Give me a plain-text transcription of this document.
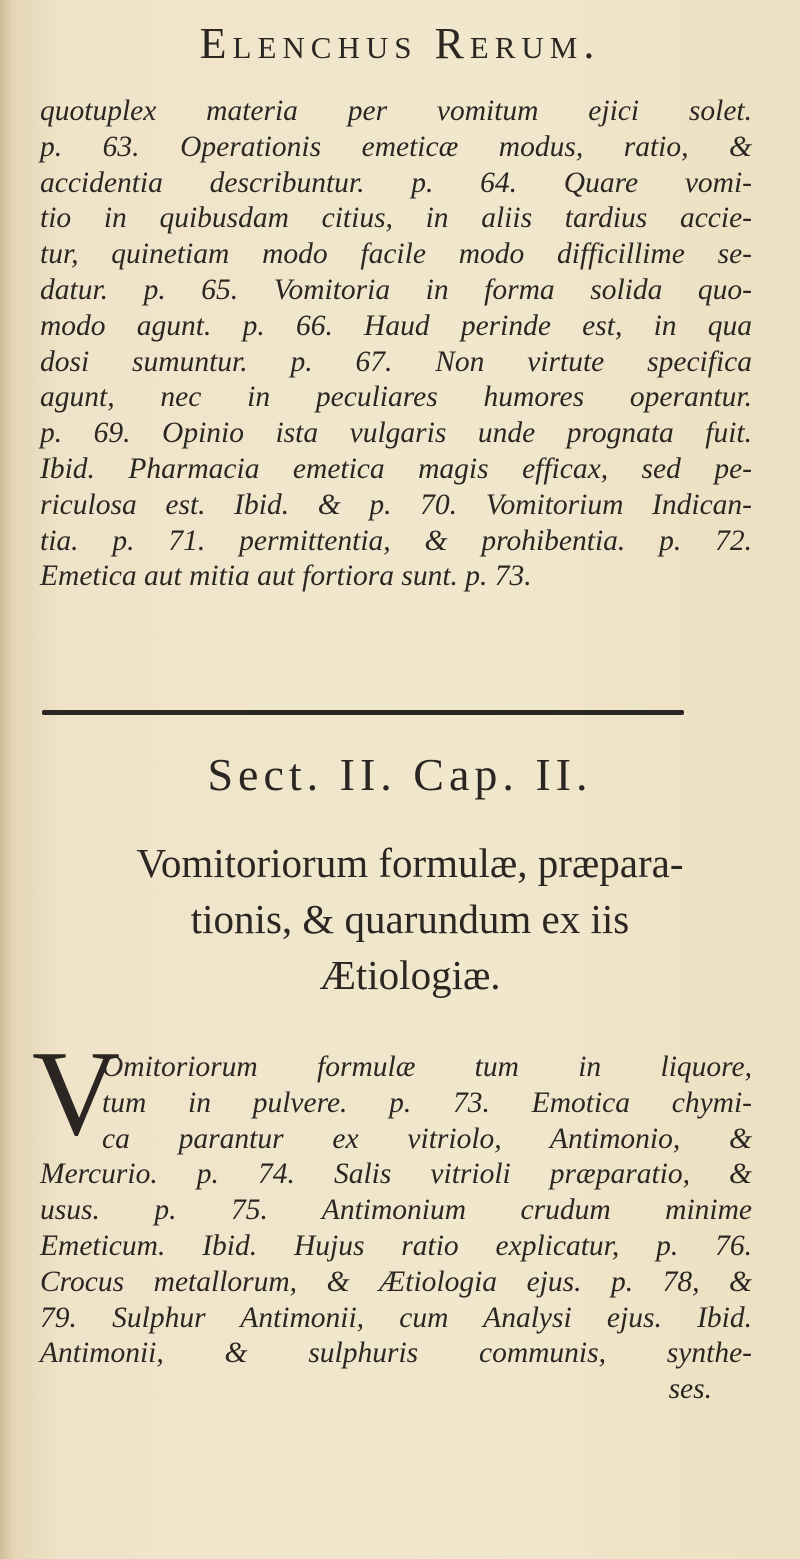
Elenchus Rerum.
quotuplex materia per vomitum ejici solet.
p. 63. Operationis emeticæ modus, ratio, &
accidentia describuntur. p. 64. Quare vomi-
tio in quibusdam citius, in aliis tardius accie-
tur, quinetiam modo facile modo difficillime se-
datur. p. 65. Vomitoria in forma solida quo-
modo agunt. p. 66. Haud perinde est, in qua
dosi sumuntur. p. 67. Non virtute specifica
agunt, nec in peculiares humores operantur.
p. 69. Opinio ista vulgaris unde prognata fuit.
Ibid. Pharmacia emetica magis efficax, sed pe-
riculosa est. Ibid. & p. 70. Vomitorium Indican-
tia. p. 71. permittentia, & prohibentia. p. 72.
Emetica aut mitia aut fortiora sunt. p. 73.
Sect. II. Cap. II.
Vomitoriorum formulæ, præpara-
tionis, & quarundum ex iis
Ætiologiæ.
V
Omitoriorum formulæ tum in liquore,
tum in pulvere. p. 73. Emotica chymi-
ca parantur ex vitriolo, Antimonio, &
Mercurio. p. 74. Salis vitrioli præparatio, &
usus. p. 75. Antimonium crudum minime
Emeticum. Ibid. Hujus ratio explicatur, p. 76.
Crocus metallorum, & Ætiologia ejus. p. 78, &
79. Sulphur Antimonii, cum Analysi ejus. Ibid.
Antimonii, & sulphuris communis, synthe-
ses.
